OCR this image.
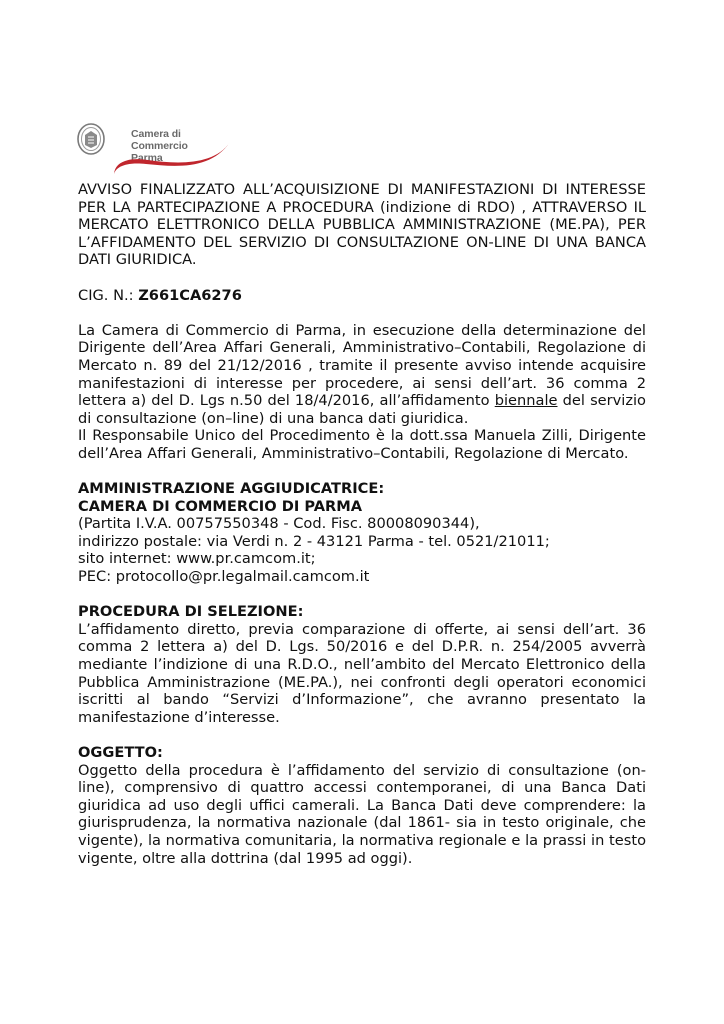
Camera di Commercio
Parma

AVVISO FINALIZZATO ALL’ACQUISIZIONE DI MANIFESTAZIONI DI INTERESSE PER LA PARTECIPAZIONE A PROCEDURA (indizione di RDO) , ATTRAVERSO IL MERCATO ELETTRONICO DELLA PUBBLICA AMMINISTRAZIONE (ME.PA), PER L’AFFIDAMENTO DEL SERVIZIO DI CONSULTAZIONE ON-LINE DI UNA BANCA DATI GIURIDICA.

CIG. N.: Z661CA6276

La Camera di Commercio di Parma, in esecuzione della determinazione del Dirigente dell’Area Affari Generali, Amministrativo–Contabili, Regolazione di Mercato n. 89 del 21/12/2016 , tramite il presente avviso intende acquisire manifestazioni di interesse per procedere, ai sensi dell’art. 36 comma 2 lettera a) del D. Lgs n.50 del 18/4/2016, all’affidamento biennale del servizio di consultazione (on–line) di una banca dati giuridica.

Il Responsabile Unico del Procedimento è la dott.ssa Manuela Zilli, Dirigente dell’Area Affari Generali, Amministrativo–Contabili, Regolazione di Mercato.

AMMINISTRAZIONE AGGIUDICATRICE:
CAMERA DI COMMERCIO DI PARMA
(Partita I.V.A. 00757550348 - Cod. Fisc. 80008090344),
indirizzo postale: via Verdi n. 2 - 43121 Parma - tel. 0521/21011;
sito internet: www.pr.camcom.it;
PEC: protocollo@pr.legalmail.camcom.it

PROCEDURA DI SELEZIONE:

L’affidamento diretto, previa comparazione di offerte, ai sensi dell’art. 36 comma 2 lettera a) del D. Lgs. 50/2016 e del D.P.R. n. 254/2005 avverrà mediante l’indizione di una R.D.O., nell’ambito del Mercato Elettronico della Pubblica Amministrazione (ME.PA.), nei confronti degli operatori economici iscritti al bando “Servizi d’Informazione”, che avranno presentato la manifestazione d’interesse.

OGGETTO:

Oggetto della procedura è l’affidamento del servizio di consultazione (on-line), comprensivo di quattro accessi contemporanei, di una Banca Dati giuridica ad uso degli uffici camerali. La Banca Dati deve comprendere: la giurisprudenza, la normativa nazionale (dal 1861- sia in testo originale, che vigente), la normativa comunitaria, la normativa regionale e la prassi in testo vigente, oltre alla dottrina (dal 1995 ad oggi).
